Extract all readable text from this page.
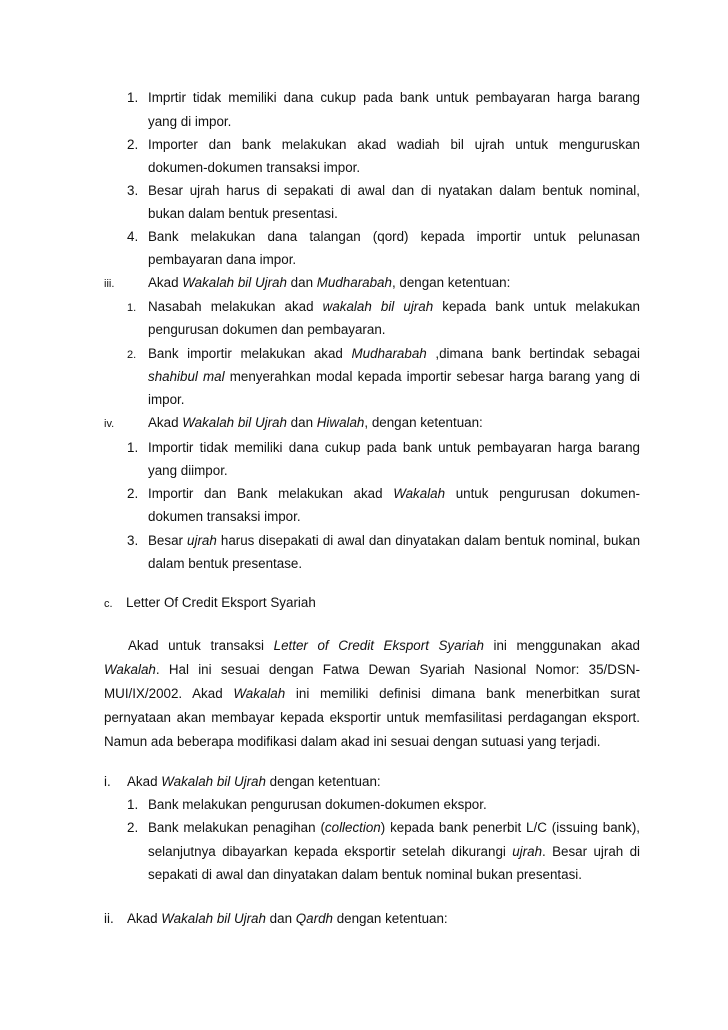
1. Imprtir tidak memiliki dana cukup pada bank untuk pembayaran harga barang
yang di impor.
2. Importer dan bank melakukan akad wadiah bil ujrah untuk menguruskan
dokumen-dokumen transaksi impor.
3. Besar ujrah harus di sepakati di awal dan di nyatakan dalam bentuk nominal,
bukan dalam bentuk presentasi.
4. Bank melakukan dana talangan (qord) kepada importir untuk pelunasan
pembayaran dana impor.
iii.	Akad Wakalah bil Ujrah dan Mudharabah, dengan ketentuan:
1. Nasabah melakukan akad wakalah bil ujrah kepada bank untuk melakukan
pengurusan dokumen dan pembayaran.
2. Bank importir melakukan akad Mudharabah ,dimana bank bertindak sebagai
shahibul mal menyerahkan modal kepada importir sebesar harga barang yang di
impor.
iv.	Akad Wakalah bil Ujrah dan Hiwalah, dengan ketentuan:
1. Importir tidak memiliki dana cukup pada bank untuk pembayaran harga barang
yang diimpor.
2. Importir dan Bank melakukan akad Wakalah untuk pengurusan dokumen-
dokumen transaksi impor.
3. Besar ujrah harus disepakati di awal dan dinyatakan dalam bentuk nominal, bukan
dalam bentuk presentase.
c. Letter Of Credit Eksport Syariah
Akad untuk transaksi Letter of Credit Eksport Syariah ini menggunakan akad
Wakalah. Hal ini sesuai dengan Fatwa Dewan Syariah Nasional Nomor: 35/DSN-
MUI/IX/2002. Akad Wakalah ini memiliki definisi dimana bank menerbitkan surat
pernyataan akan membayar kepada eksportir untuk memfasilitasi perdagangan eksport.
Namun ada beberapa modifikasi dalam akad ini sesuai dengan sutuasi yang terjadi.
i. Akad Wakalah bil Ujrah dengan ketentuan:
1. Bank melakukan pengurusan dokumen-dokumen ekspor.
2. Bank melakukan penagihan (collection) kepada bank penerbit L/C (issuing bank),
selanjutnya dibayarkan kepada eksportir setelah dikurangi ujrah. Besar ujrah di
sepakati di awal dan dinyatakan dalam bentuk nominal bukan presentasi.
ii. Akad Wakalah bil Ujrah dan Qardh dengan ketentuan:
